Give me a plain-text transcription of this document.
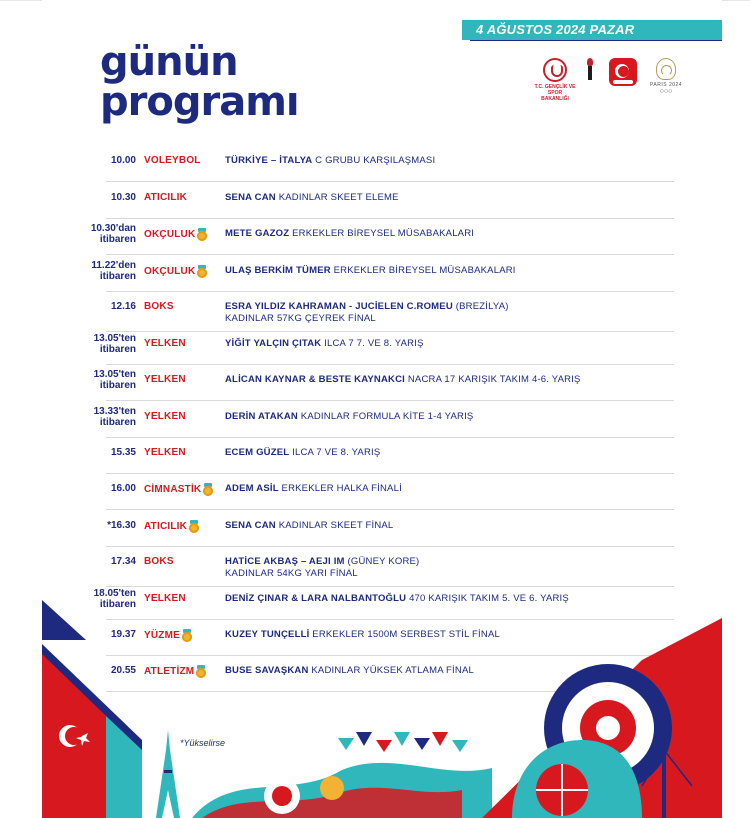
4 AĞUSTOS 2024 PAZAR
günün
programı	T.C. GENÇLİK VE SPOR BAKANLIĞI
PARIS 2024
○○○
10.00 VOLEYBOL	TÜRKİYE – İTALYA C GRUBU KARŞILAŞMASI
10.30 ATICILIK	SENA CAN KADINLAR SKEET ELEME
10.30'dan
itibaren OKÇULUK	METE GAZOZ ERKEKLER BİREYSEL MÜSABAKALARI
11.22'den
itibaren OKÇULUK	ULAŞ BERKİM TÜMER ERKEKLER BİREYSEL MÜSABAKALARI
12.16 BOKS	ESRA YILDIZ KAHRAMAN - JUCİELEN C.ROMEU (BREZİLYA)
KADINLAR 57KG ÇEYREK FİNAL
13.05'ten
itibaren
YELKEN	YİĞİT YALÇIN ÇITAK ILCA 7 7. VE 8. YARIŞ
13.05'ten
itibaren
YELKEN	ALİCAN KAYNAR & BESTE KAYNAKCI NACRA 17 KARIŞIK TAKIM 4-6. YARIŞ
13.33'ten
itibaren
YELKEN	DERİN ATAKAN KADINLAR FORMULA KİTE 1-4 YARIŞ
15.35 YELKEN	ECEM GÜZEL ILCA 7 VE 8. YARIŞ
16.00 CİMNASTİK	ADEM ASİL ERKEKLER HALKA FİNALİ
*16.30 ATICILIK	SENA CAN KADINLAR SKEET FİNAL
17.34 BOKS	HATİCE AKBAŞ – AEJI IM (GÜNEY KORE)
KADINLAR 54KG YARI FİNAL
18.05'ten
itibaren
YELKEN	DENİZ ÇINAR & LARA NALBANTOĞLU 470 KARIŞIK TAKIM 5. VE 6. YARIŞ
19.37 YÜZME	KUZEY TUNÇELLİ ERKEKLER 1500M SERBEST STİL FİNAL
20.55 ATLETİZM	BUSE SAVAŞKAN KADINLAR YÜKSEK ATLAMA FİNAL
*Yükselirse
